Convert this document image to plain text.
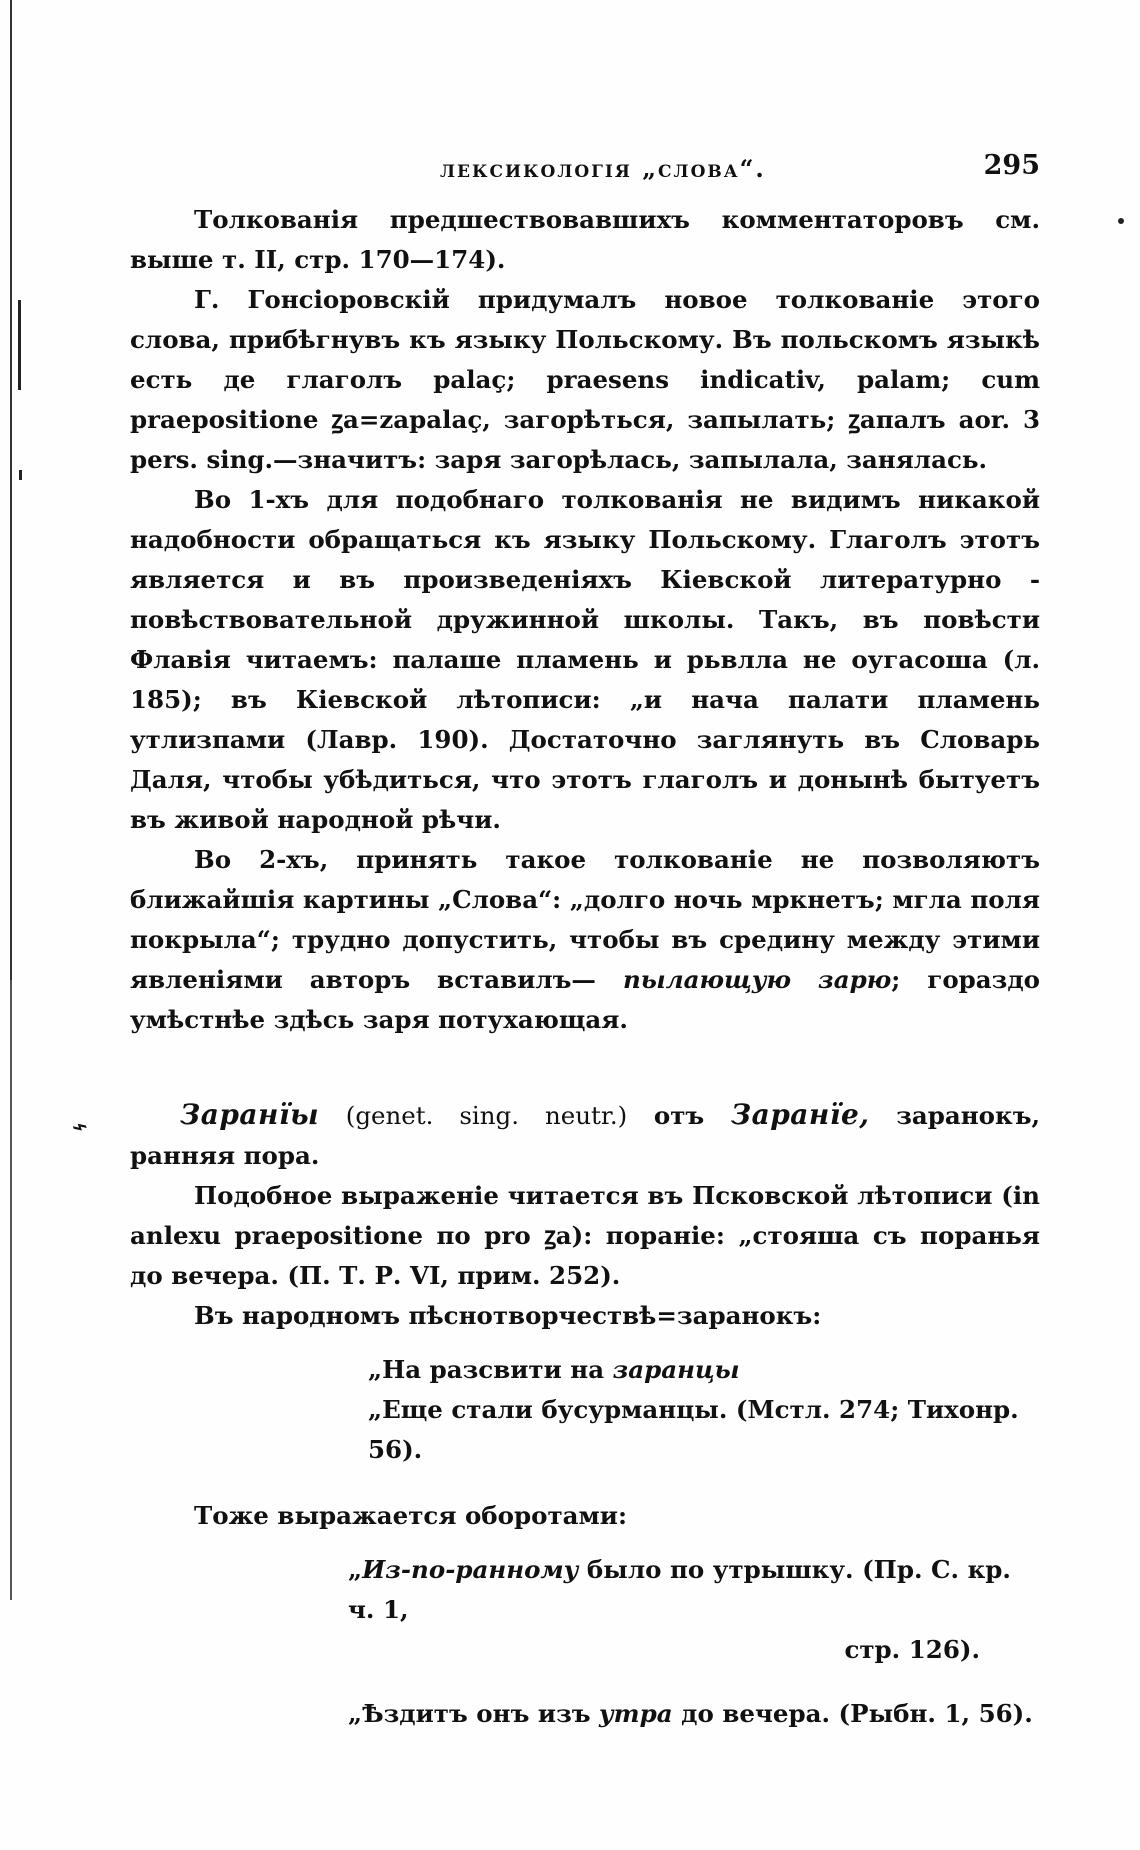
лексикологія „слова“.	295
⌁

Толкованія предшествовавшихъ комментаторовъ см. выше т. II, стр. 170—174).

Г. Гонсіоровскій придумалъ новое толкованіе этого слова, прибѣгнувъ къ языку Польскому. Въ польскомъ языкѣ есть де глаголъ palaç; praesens indicativ, palam; cum praepositione ꙁа=zapalaç, загорѣться, запылать; ꙁапалъ aor. 3 pers. sing.—значитъ: заря загорѣлась, запылала, занялась.

Во 1-хъ для подобнаго толкованія не видимъ никакой надобности обращаться къ языку Польскому. Глаголъ этотъ является и въ произведеніяхъ Кіевской литературно - повѣствовательной дружинной школы. Такъ, въ повѣсти Флавія читаемъ: палаше пламень и рьвлла не оугасоша (л. 185); въ Кіевской лѣтописи: „и нача палати пламень утлизпами (Лавр. 190). Достаточно заглянуть въ Словарь Даля, чтобы убѣдиться, что этотъ глаголъ и донынѣ бытуетъ въ живой народной рѣчи.

Во 2-хъ, принять такое толкованіе не позволяютъ ближайшія картины „Слова“: „долго ночь мркнетъ; мгла поля покрыла“; трудно допустить, чтобы въ средину между этими явленіями авторъ вставилъ— пылающую зарю; гораздо умѣстнѣе здѣсь заря потухающая.

Заранїы (genet. sing. neutr.) отъ Заранїе, заранокъ, ранняя пора.

Подобное выраженіе читается въ Псковской лѣтописи (in anlexu praepositione по pro ꙁа): пораніе: „стояша съ поранья до вечера. (П. Т. Р. VI, прим. 252).

Въ народномъ пѣснотворчествѣ=заранокъ:

„На разсвити на заранцы

„Еще стали бусурманцы. (Мстл. 274; Тихонр. 56).

Тоже выражается оборотами:

„Из-по-ранному было по утрышку. (Пр. С. кр. ч. 1,

стр. 126).

„Ѣздитъ онъ изъ утра до вечера. (Рыбн. 1, 56).
